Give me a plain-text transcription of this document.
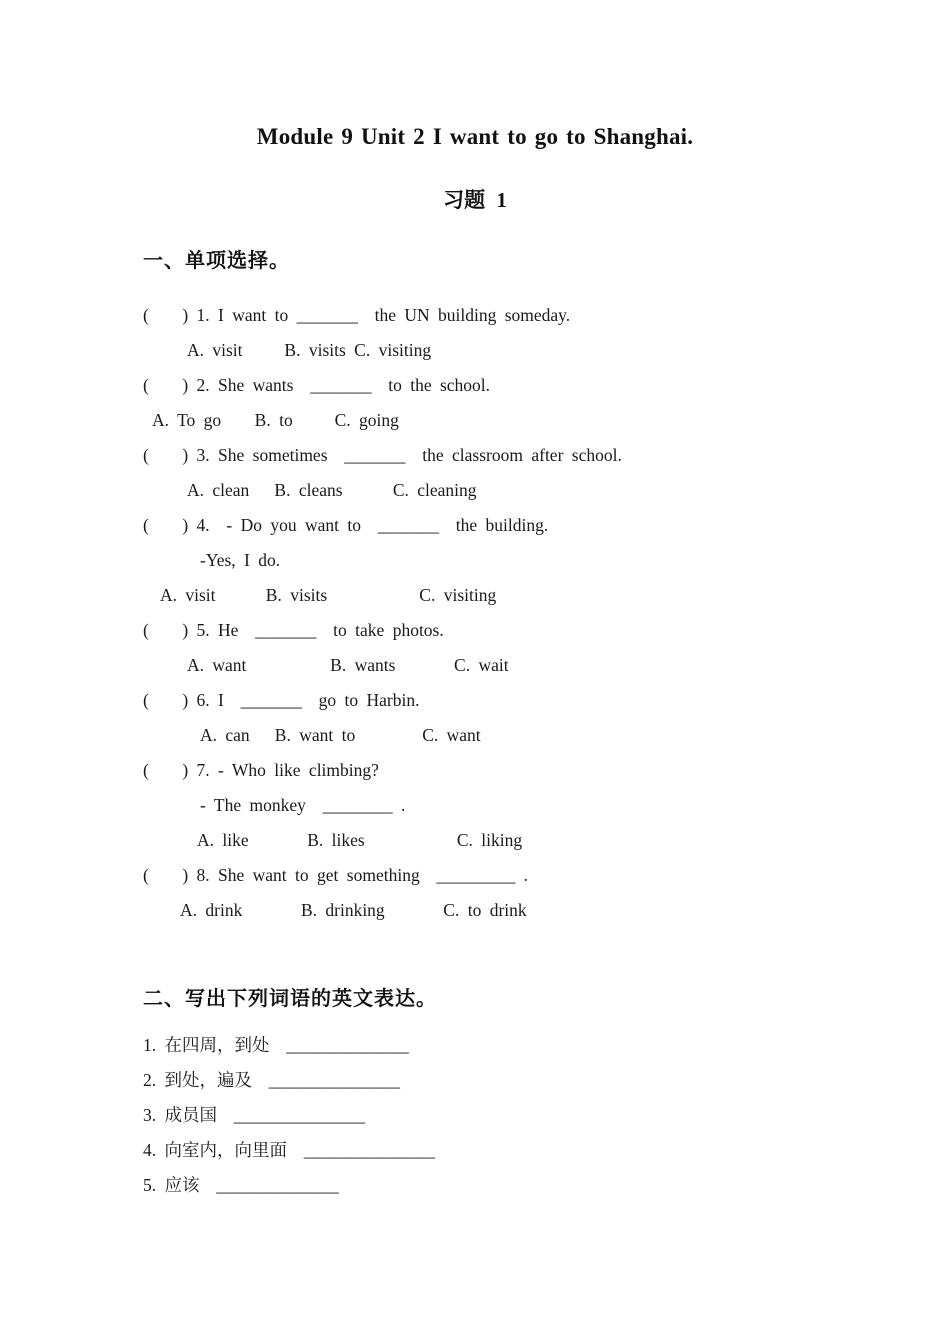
Module 9 Unit 2 I want to go to Shanghai.
习题 1
一、单项选择。
(    ) 1. I want to _______  the UN building someday.
A. visit     B. visits C. visiting
(    ) 2. She wants  _______  to the school.
A. To go    B. to     C. going
(    ) 3. She sometimes  _______  the classroom after school.
A. clean   B. cleans      C. cleaning
(    ) 4.  - Do you want to  _______  the building.
-Yes, I do.
A. visit      B. visits           C. visiting
(    ) 5. He  _______  to take photos.
A. want          B. wants       C. wait
(    ) 6. I  _______  go to Harbin.
A. can   B. want to        C. want
(    ) 7. - Who like climbing?
- The monkey  ________ .
A. like       B. likes           C. liking
(    ) 8. She want to get something  _________ .
A. drink       B. drinking       C. to drink
二、写出下列词语的英文表达。
1. 在四周，到处  ______________
2. 到处，遍及  _______________
3. 成员国  _______________
4. 向室内，向里面  _______________
5. 应该  ______________
